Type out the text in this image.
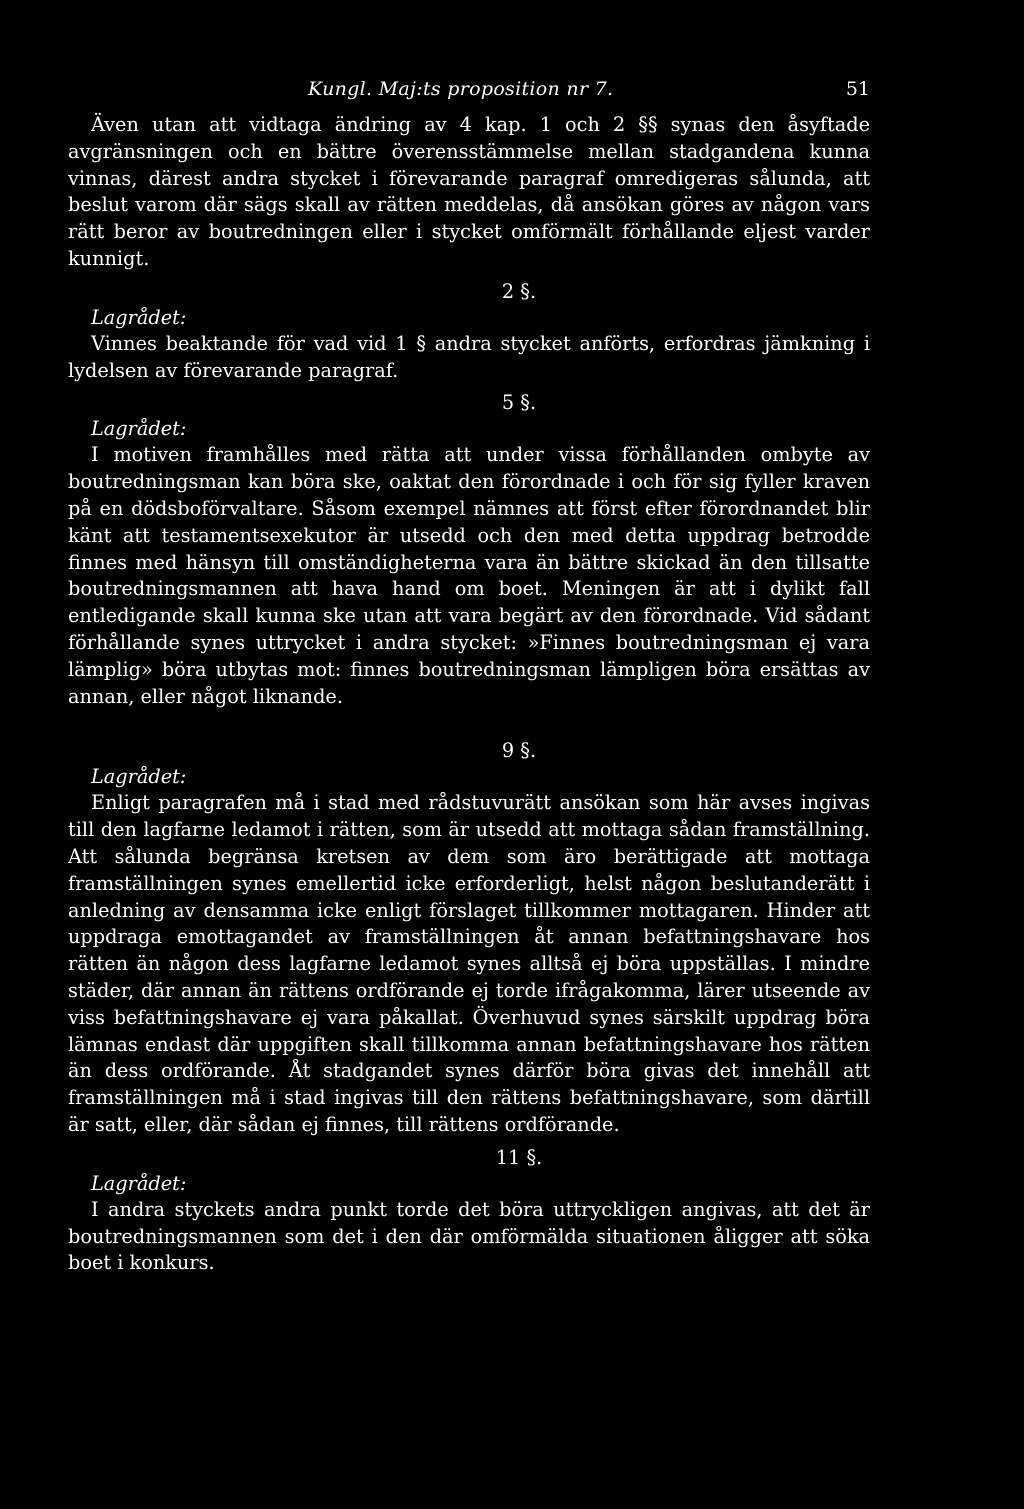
Kungl. Maj:ts proposition nr 7.	51

Även utan att vidtaga ändring av 4 kap. 1 och 2 §§ synas den åsyftade avgränsningen och en bättre överensstämmelse mellan stadgandena kunna vinnas, därest andra stycket i förevarande paragraf omredigeras sålunda, att beslut varom där sägs skall av rätten meddelas, då ansökan göres av någon vars rätt beror av boutredningen eller i stycket omförmält förhållande eljest varder kunnigt.

2 §.

Lagrådet:

Vinnes beaktande för vad vid 1 § andra stycket anförts, erfordras jämkning i lydelsen av förevarande paragraf.

5 §.

Lagrådet:

I motiven framhålles med rätta att under vissa förhållanden ombyte av boutredningsman kan böra ske, oaktat den förordnade i och för sig fyller kraven på en dödsboförvaltare. Såsom exempel nämnes att först efter förordnandet blir känt att testamentsexekutor är utsedd och den med detta uppdrag betrodde finnes med hänsyn till omständigheterna vara än bättre skickad än den tillsatte boutredningsmannen att hava hand om boet. Meningen är att i dylikt fall entledigande skall kunna ske utan att vara begärt av den förordnade. Vid sådant förhållande synes uttrycket i andra stycket: »Finnes boutredningsman ej vara lämplig» böra utbytas mot: finnes boutredningsman lämpligen böra ersättas av annan, eller något liknande.

9 §.

Lagrådet:

Enligt paragrafen må i stad med rådstuvurätt ansökan som här avses ingivas till den lagfarne ledamot i rätten, som är utsedd att mottaga sådan framställning. Att sålunda begränsa kretsen av dem som äro berättigade att mottaga framställningen synes emellertid icke erforderligt, helst någon beslutanderätt i anledning av densamma icke enligt förslaget tillkommer mottagaren. Hinder att uppdraga emottagandet av framställningen åt annan befattningshavare hos rätten än någon dess lagfarne ledamot synes alltså ej böra uppställas. I mindre städer, där annan än rättens ordförande ej torde ifrågakomma, lärer utseende av viss befattningshavare ej vara påkallat. Överhuvud synes särskilt uppdrag böra lämnas endast där uppgiften skall tillkomma annan befattningshavare hos rätten än dess ordförande. Åt stadgandet synes därför böra givas det innehåll att framställningen må i stad ingivas till den rättens befattningshavare, som därtill är satt, eller, där sådan ej finnes, till rättens ordförande.

11 §.

Lagrådet:

I andra styckets andra punkt torde det böra uttryckligen angivas, att det är boutredningsmannen som det i den där omförmälda situationen åligger att söka boet i konkurs.
